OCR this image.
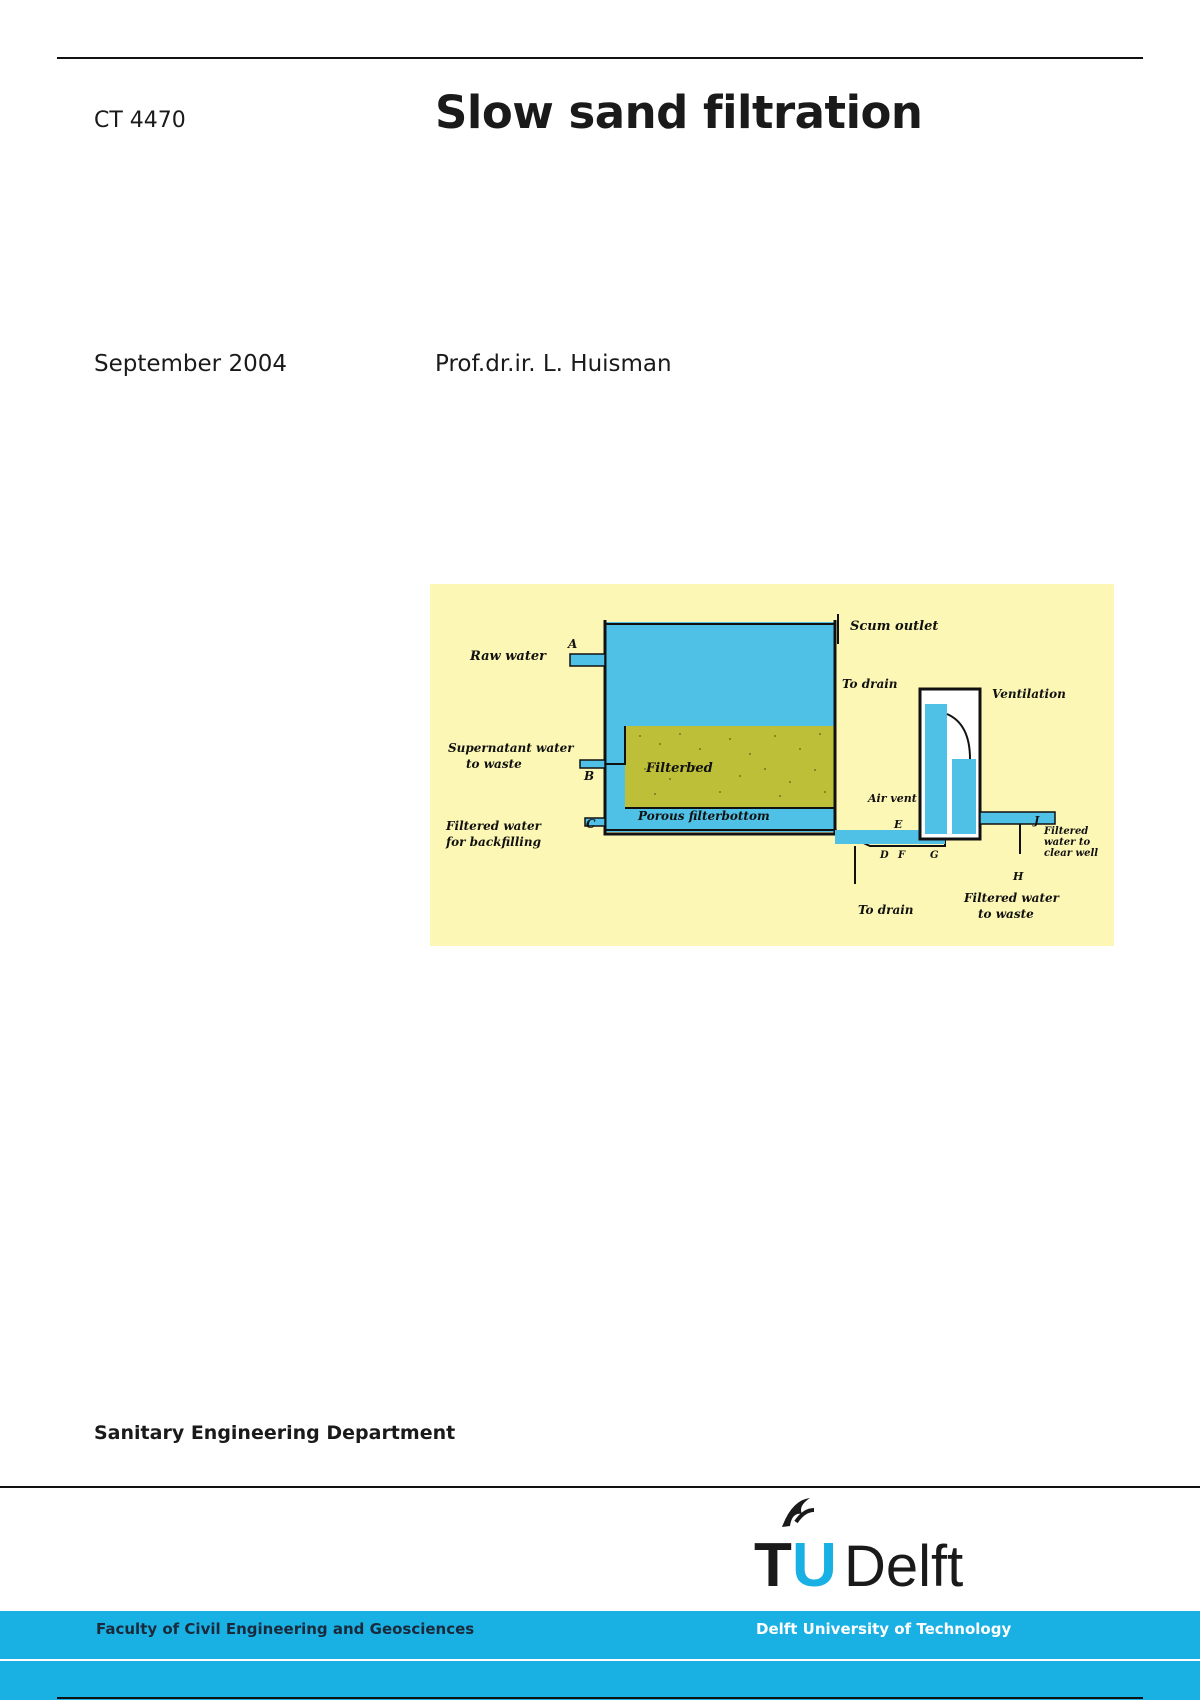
CT 4470	Slow sand filtration
September 2004	Prof.dr.ir. L. Huisman
Raw water
Scum outlet
To drain
Ventilation
Supernatant water
to waste	Filterbed
Porous filterbottom
Air vent
Filtered water
for backfilling
Filtered
water to
clear well
Filtered water
to waste
To drain
A
B
C
D
E
F G
H
J
Sanitary Engineering Department
T U Delft
Faculty of Civil Engineering and Geosciences	Delft University of Technology
